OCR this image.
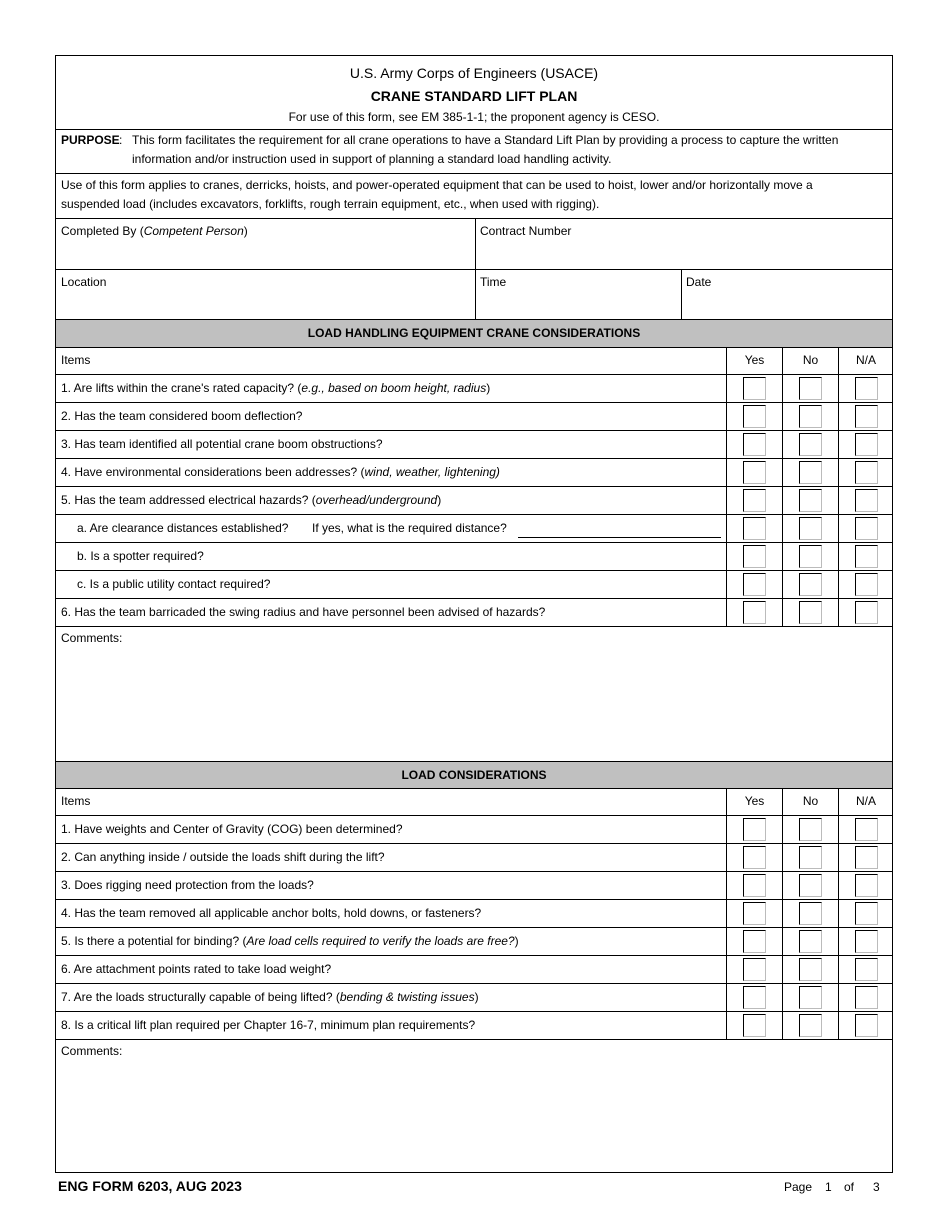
U.S. Army Corps of Engineers (USACE)
CRANE STANDARD LIFT PLAN
For use of this form, see EM 385-1-1; the proponent agency is CESO.
PURPOSE : This form facilitates the requirement for all crane operations to have a Standard Lift Plan by providing a process to capture the written
information and/or instruction used in support of planning a standard load handling activity.
Use of this form applies to cranes, derricks, hoists, and power-operated equipment that can be used to hoist, lower and/or horizontally move a
suspended load (includes excavators, forklifts, rough terrain equipment, etc., when used with rigging).
Completed By (Competent Person)	Contract Number
Location	Time	Date
LOAD HANDLING EQUIPMENT CRANE CONSIDERATIONS
Items	Yes	No	N/A
1. Are lifts within the crane's rated capacity? (e.g., based on boom height, radius)
2. Has the team considered boom deflection?
3. Has team identified all potential crane boom obstructions?
4. Have environmental considerations been addresses? (wind, weather, lightening)
5. Has the team addressed electrical hazards? (overhead/underground)
a. Are clearance distances established? If yes, what is the required distance?
b. Is a spotter required?
c. Is a public utility contact required?
6. Has the team barricaded the swing radius and have personnel been advised of hazards?
Comments:
LOAD CONSIDERATIONS
Items	Yes	No	N/A
1. Have weights and Center of Gravity (COG) been determined?
2. Can anything inside / outside the loads shift during the lift?
3. Does rigging need protection from the loads?
4. Has the team removed all applicable anchor bolts, hold downs, or fasteners?
5. Is there a potential for binding? (Are load cells required to verify the loads are free?)
6. Are attachment points rated to take load weight?
7. Are the loads structurally capable of being lifted? (bending & twisting issues)
8. Is a critical lift plan required per Chapter 16-7, minimum plan requirements?
Comments:
ENG FORM 6203, AUG 2023	Page 1 of 3
